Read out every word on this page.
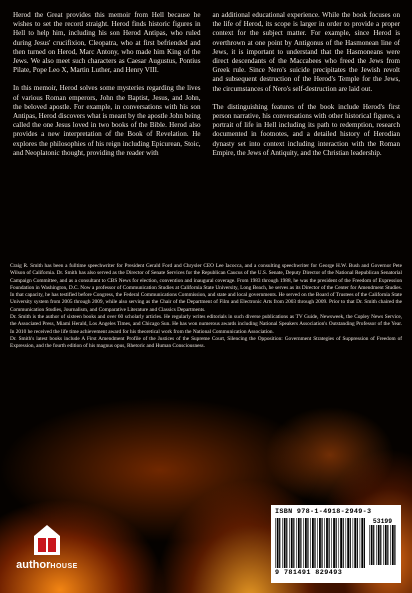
Herod the Great provides this memoir from Hell because he wishes to set the record straight. Herod finds historic figures in Hell to help him, including his son Herod Antipas, who ruled during Jesus' crucifixion, Cleopatra, who at first befriended and then turned on Herod, Marc Antony, who made him King of the Jews. We also meet such characters as Caesar Augustus, Pontius Pilate, Pope Leo X, Martin Luther, and Henry VIII.

In this memoir, Herod solves some mysteries regarding the lives of various Roman emperors, John the Baptist, Jesus, and John, the beloved apostle. For example, in conversations with his son Antipas, Herod discovers what is meant by the apostle John being called the one Jesus loved in two books of the Bible. Herod also provides a new interpretation of the Book of Revelation. He explores the philosophies of his reign including Epicurean, Stoic, and Neoplatonic thought, providing the reader with

an additional educational experience. While the book focuses on the life of Herod, its scope is larger in order to provide a proper context for the subject matter. For example, since Herod is overthrown at one point by Antigonus of the Hasmonean line of Jews, it is important to understand that the Hasmoneans were direct descendants of the Maccabees who freed the Jews from Greek rule. Since Nero's suicide precipitates the Jewish revolt and subsequent destruction of the Herod's Temple for the Jews, the circumstances of Nero's self-destruction are laid out.

The distinguishing features of the book include Herod's first person narrative, his conversations with other historical figures, a portrait of life in Hell including its path to redemption, research documented in footnotes, and a detailed history of Herodian dynasty set into context including interaction with the Roman Empire, the Jews of Antiquity, and the Christian leadership.

Craig R. Smith has been a fulltime speechwriter for President Gerald Ford and Chrysler CEO Lee Iacocca, and a consulting speechwriter for George H.W. Bush and Governor Pete Wilson of California. Dr. Smith has also served as the Director of Senate Services for the Republican Caucus of the U.S. Senate, Deputy Director of the National Republican Senatorial Campaign Committee, and as a consultant to CBS News for election, convention and inaugural coverage. From 1983 through 1988, he was the president of the Freedom of Expression Foundation in Washington, D.C. Now a professor of Communication Studies at California State University, Long Beach, he serves as its Director of the Center for Amendment Studies. In that capacity, he has testified before Congress, the Federal Communications Commission, and state and local governments. He served on the Board of Trustees of the California State University system from 2005 through 2009, while also serving as the Chair of the Department of Film and Electronic Arts from 2003 through 2009. Prior to that Dr. Smith chaired the Communication Studies, Journalism, and Comparative Literature and Classics Departments.

Dr. Smith is the author of sixteen books and over 60 scholarly articles. He regularly writes editorials in such diverse publications as TV Guide, Newsweek, the Copley News Service, the Associated Press, Miami Herald, Los Angeles Times, and Chicago Sun. He has won numerous awards including National Speakers Association's Outstanding Professor of the Year. In 2010 he received the life time achievement award for his theoretical work from the National Communication Association.

Dr. Smith's latest books include A First Amendment Profile of the Justices of the Supreme Court, Silencing the Opposition: Government Strategies of Suppression of Freedom of Expression, and the fourth edition of his magnus opus, Rhetoric and Human Consciousness.

authorHOUSE
ISBN 978-1-4918-2949-3
53199
9 781491 829493
